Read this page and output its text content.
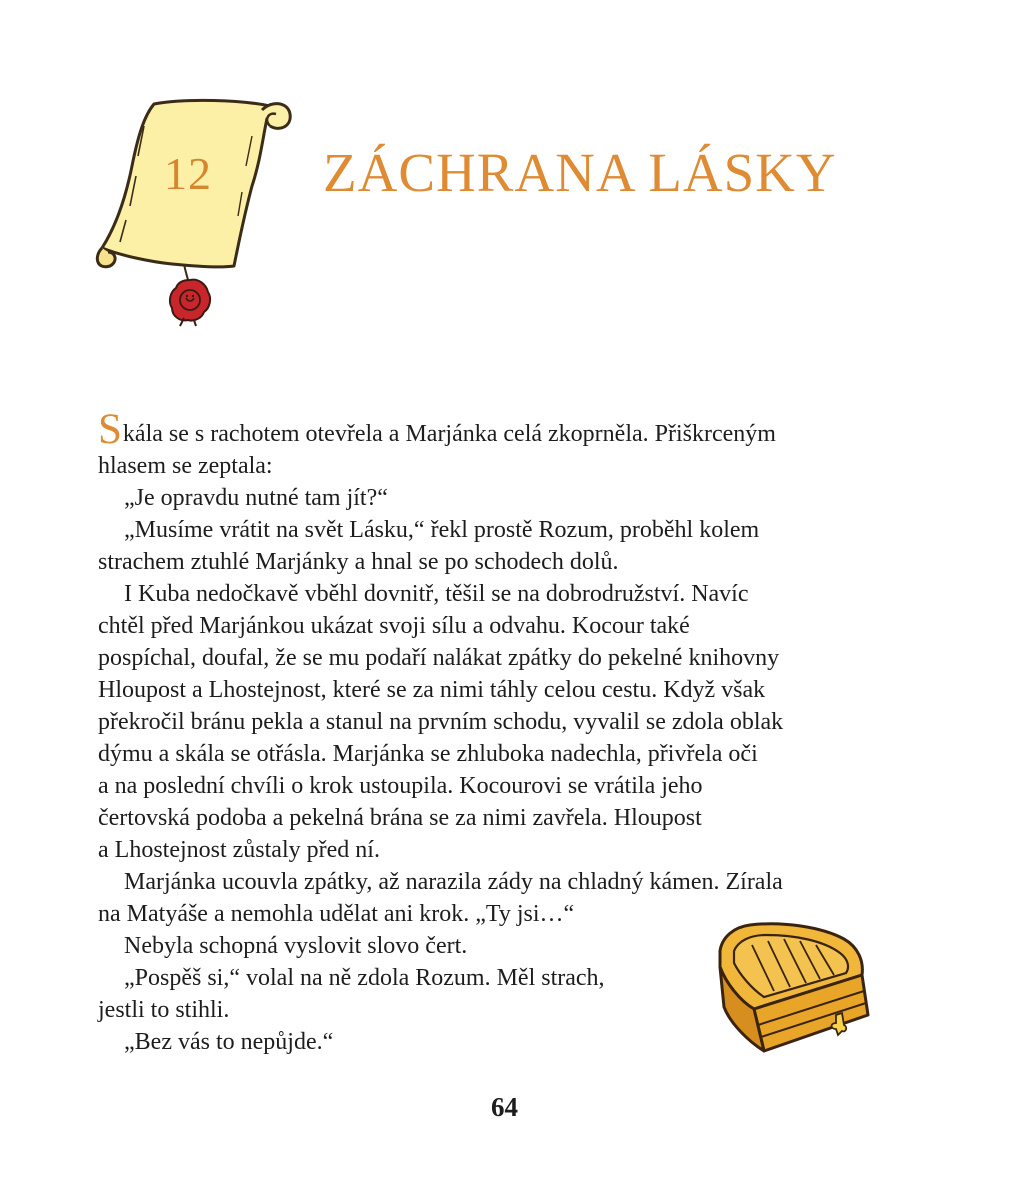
12 ZÁCHRANA LÁSKY
Skála se s rachotem otevřela a Marjánka celá zkoprněla. Přiškrceným
hlasem se zeptala:
„Je opravdu nutné tam jít?“
„Musíme vrátit na svět Lásku,“ řekl prostě Rozum, proběhl kolem
strachem ztuhlé Marjánky a hnal se po schodech dolů.
I Kuba nedočkavě vběhl dovnitř, těšil se na dobrodružství. Navíc
chtěl před Marjánkou ukázat svoji sílu a odvahu. Kocour také
pospíchal, doufal, že se mu podaří nalákat zpátky do pekelné knihovny
Hloupost a Lhostejnost, které se za nimi táhly celou cestu. Když však
překročil bránu pekla a stanul na prvním schodu, vyvalil se zdola oblak
dýmu a skála se otřásla. Marjánka se zhluboka nadechla, přivřela oči
a na poslední chvíli o krok ustoupila. Kocourovi se vrátila jeho
čertovská podoba a pekelná brána se za nimi zavřela. Hloupost
a Lhostejnost zůstaly před ní.
Marjánka ucouvla zpátky, až narazila zády na chladný kámen. Zírala
na Matyáše a nemohla udělat ani krok. „Ty jsi…“
Nebyla schopná vyslovit slovo čert.
„Pospěš si,“ volal na ně zdola Rozum. Měl strach,
jestli to stihli.
„Bez vás to nepůjde.“
64
